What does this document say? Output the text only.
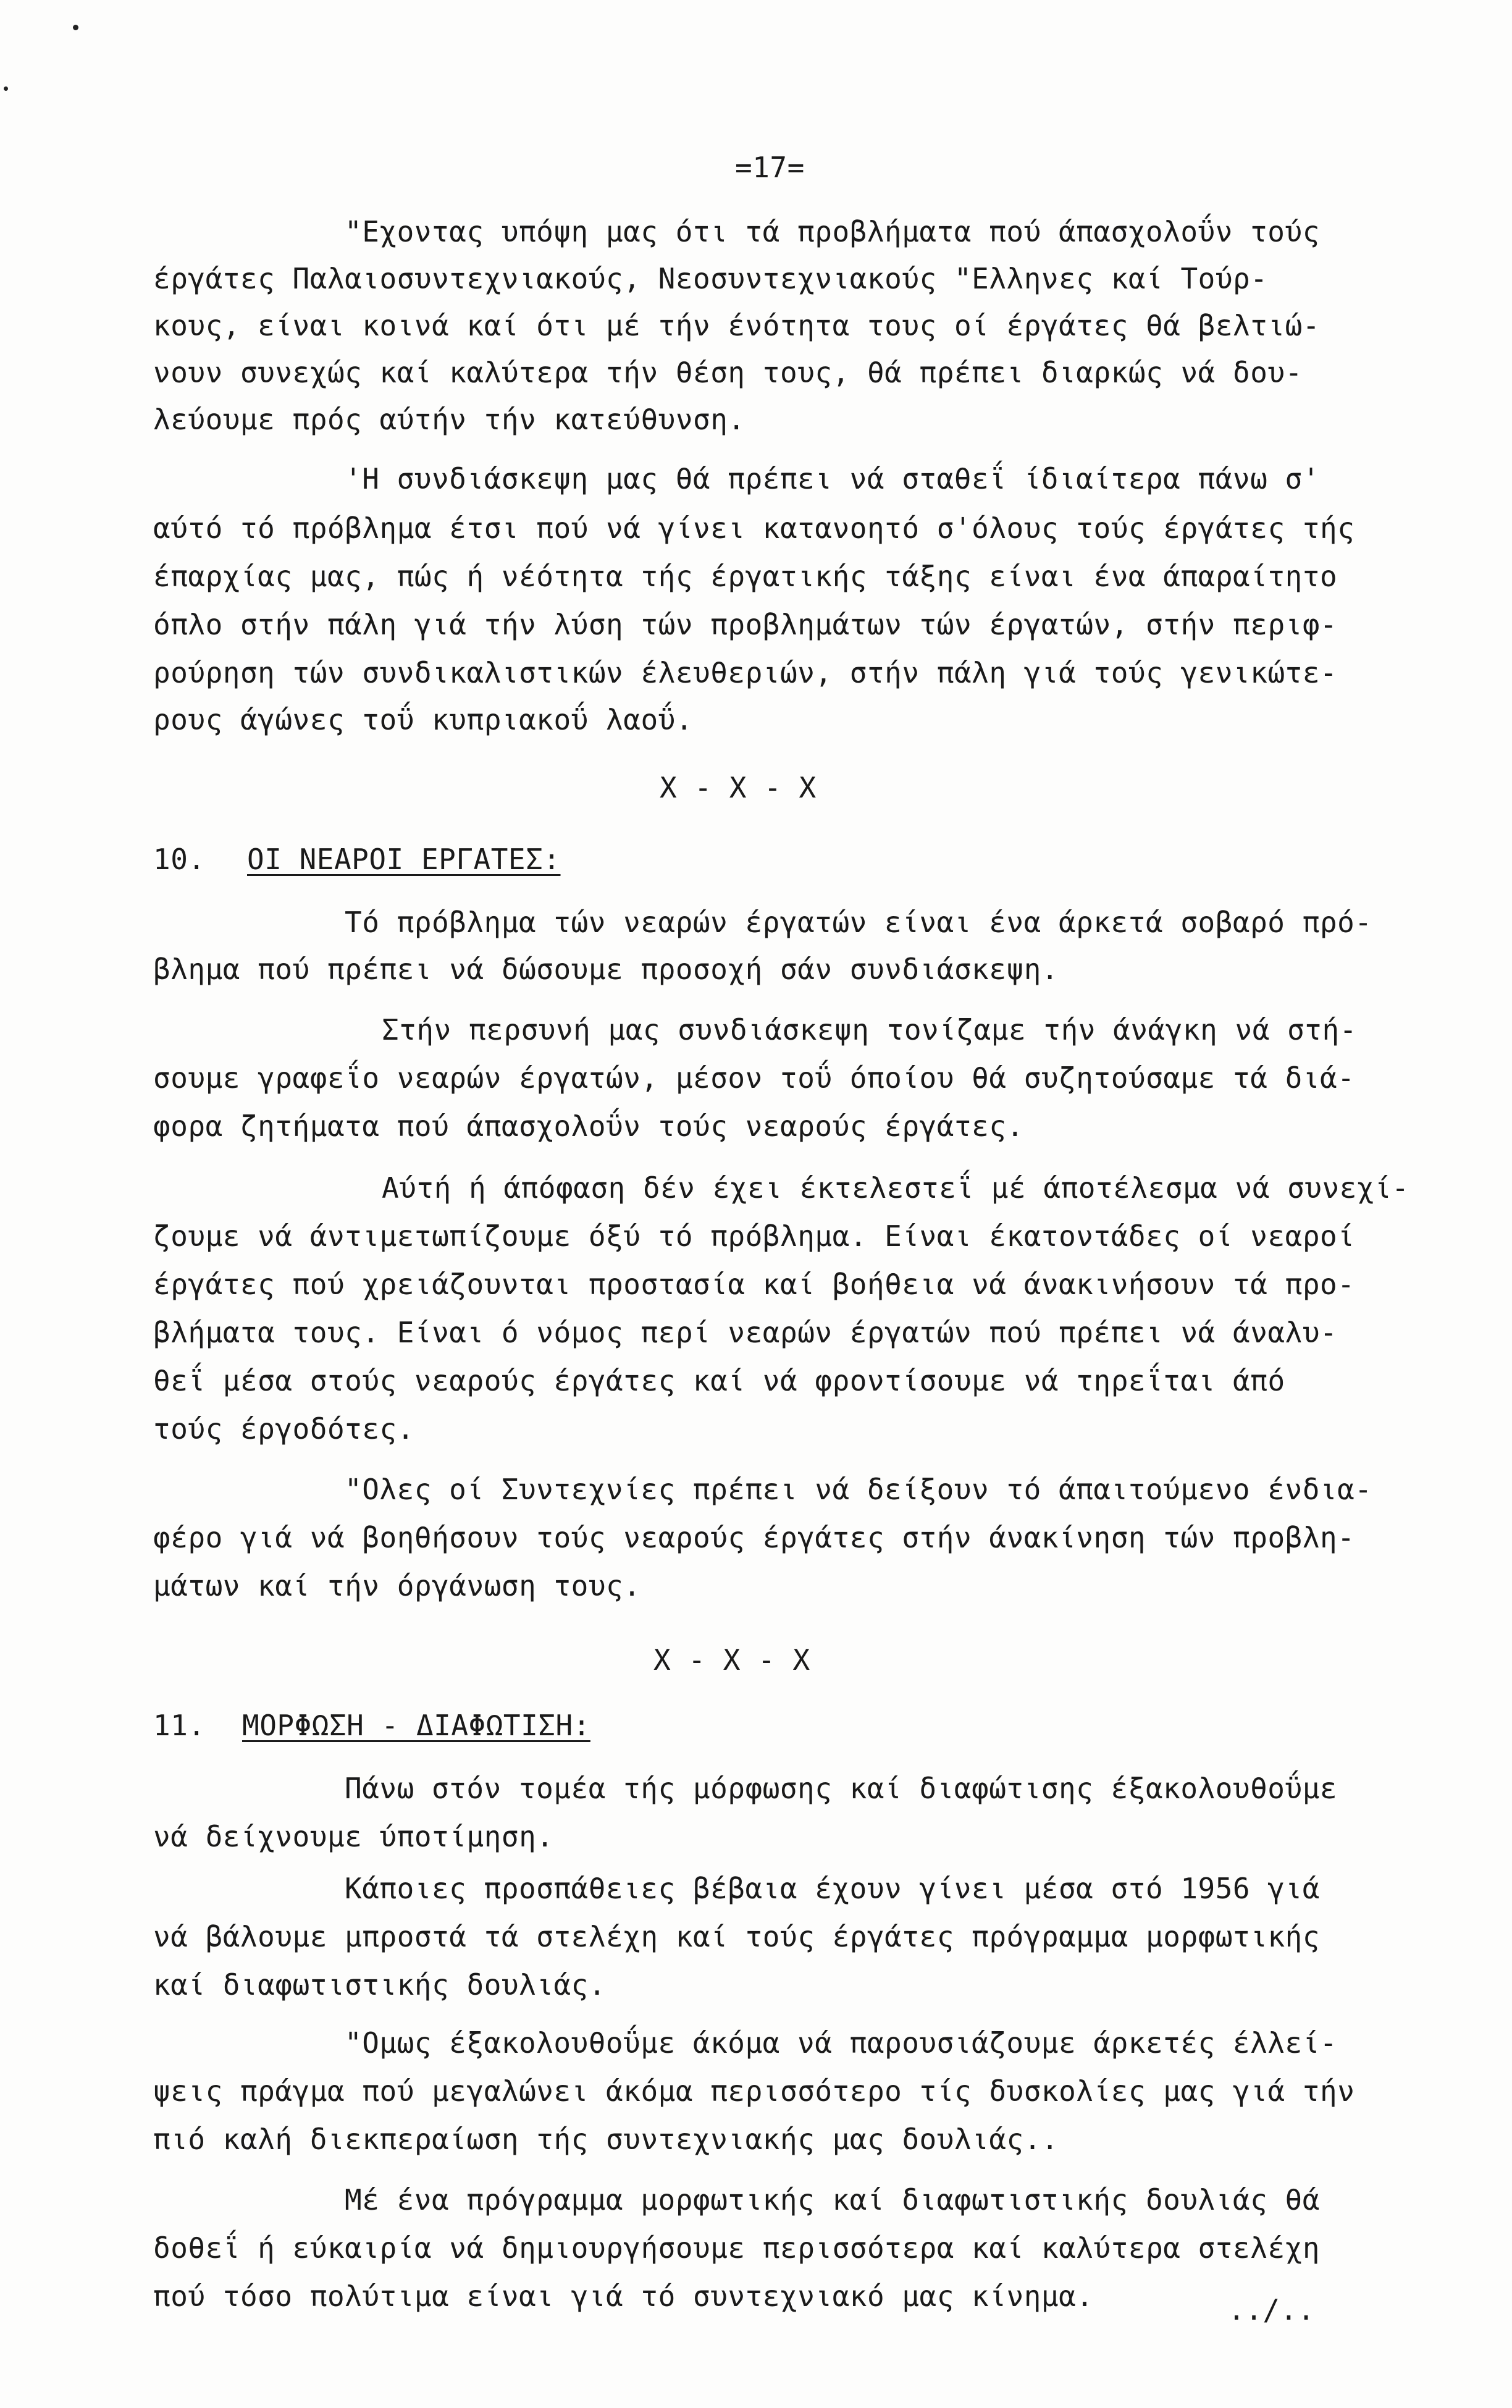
=17=
"Εχοντας υπόψη μας ότι τά προβλήματα πού άπασχολοΰν τούς
έργάτες Παλαιοσυντεχνιακούς, Νεοσυντεχνιακούς "Ελληνες καί Τούρ-
κους, είναι κοινά καί ότι μέ τήν ένότητα τους οί έργάτες θά βελτιώ-
νουν συνεχώς καί καλύτερα τήν θέση τους, θά πρέπει διαρκώς νά δου-
λεύουμε πρός αύτήν τήν κατεύθυνση.
'Η συνδιάσκεψη μας θά πρέπει νά σταθεΐ ίδιαίτερα πάνω σ'
αύτό τό πρόβλημα έτσι πού νά γίνει κατανοητό σ'όλους τούς έργάτες τής
έπαρχίας μας, πώς ή νέότητα τής έργατικής τάξης είναι ένα άπαραίτητο
όπλο στήν πάλη γιά τήν λύση τών προβλημάτων τών έργατών, στήν περιφ-
ρούρηση τών συνδικαλιστικών έλευθεριών, στήν πάλη γιά τούς γενικώτε-
ρους άγώνες τοΰ κυπριακοΰ λαοΰ.
Χ - Χ - Χ
10. ΟΙ ΝΕΑΡΟΙ ΕΡΓΑΤΕΣ:
Τό πρόβλημα τών νεαρών έργατών είναι ένα άρκετά σοβαρό πρό-
βλημα πού πρέπει νά δώσουμε προσοχή σάν συνδιάσκεψη.
Στήν περσυνή μας συνδιάσκεψη τονίζαμε τήν άνάγκη νά στή-
σουμε γραφεΐο νεαρών έργατών, μέσον τοΰ όποίου θά συζητούσαμε τά διά-
φορα ζητήματα πού άπασχολοΰν τούς νεαρούς έργάτες.
Αύτή ή άπόφαση δέν έχει έκτελεστεΐ μέ άποτέλεσμα νά συνεχί-
ζουμε νά άντιμετωπίζουμε όξύ τό πρόβλημα. Είναι έκατοντάδες οί νεαροί
έργάτες πού χρειάζουνται προστασία καί βοήθεια νά άνακινήσουν τά προ-
βλήματα τους. Είναι ό νόμος περί νεαρών έργατών πού πρέπει νά άναλυ-
θεΐ μέσα στούς νεαρούς έργάτες καί νά φροντίσουμε νά τηρεΐται άπό
τούς έργοδότες.
"Ολες οί Συντεχνίες πρέπει νά δείξουν τό άπαιτούμενο ένδια-
φέρο γιά νά βοηθήσουν τούς νεαρούς έργάτες στήν άνακίνηση τών προβλη-
μάτων καί τήν όργάνωση τους.
Χ - Χ - Χ
11. ΜΟΡΦΩΣΗ - ΔΙΑΦΩΤΙΣΗ:
Πάνω στόν τομέα τής μόρφωσης καί διαφώτισης έξακολουθοΰμε
νά δείχνουμε ύποτίμηση.
Κάποιες προσπάθειες βέβαια έχουν γίνει μέσα στό 1956 γιά
νά βάλουμε μπροστά τά στελέχη καί τούς έργάτες πρόγραμμα μορφωτικής
καί διαφωτιστικής δουλιάς.
"Ομως έξακολουθοΰμε άκόμα νά παρουσιάζουμε άρκετές έλλεί-
ψεις πράγμα πού μεγαλώνει άκόμα περισσότερο τίς δυσκολίες μας γιά τήν
πιό καλή διεκπεραίωση τής συντεχνιακής μας δουλιάς..
Μέ ένα πρόγραμμα μορφωτικής καί διαφωτιστικής δουλιάς θά
δοθεΐ ή εύκαιρία νά δημιουργήσουμε περισσότερα καί καλύτερα στελέχη
πού τόσο πολύτιμα είναι γιά τό συντεχνιακό μας κίνημα.	../..
